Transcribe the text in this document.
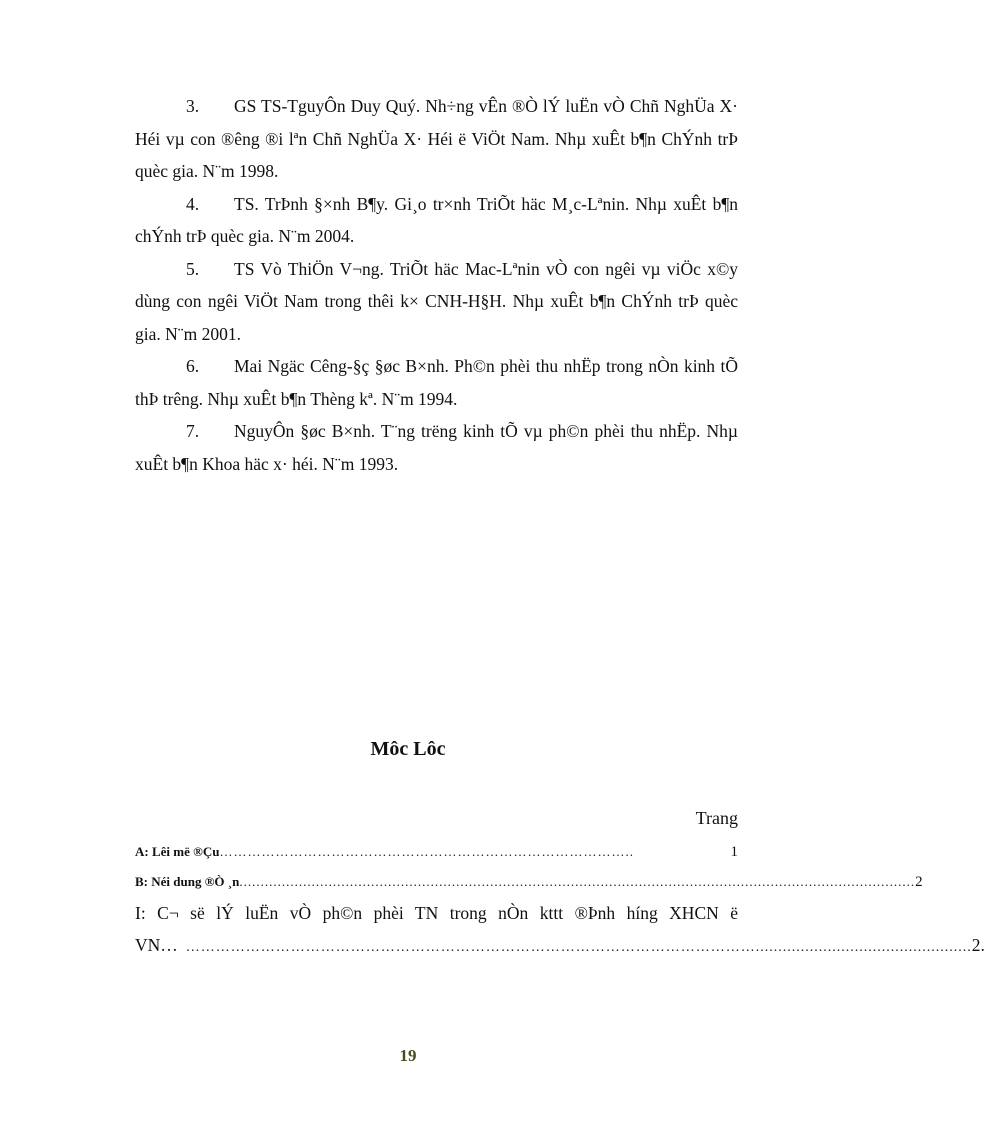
3. GS TS-TguyÔn Duy Quý. Nh÷ng vÊn ®Ò lÝ luËn vÒ Chñ NghÜa X· Héi vµ con ®êng ®i lªn Chñ NghÜa X· Héi ë ViÖt Nam. Nhµ xuÊt b¶n ChÝnh trÞ quèc gia. N¨m 1998.

4. TS. TrÞnh §×nh B¶y. Gi¸o tr×nh TriÕt häc M¸c-Lªnin. Nhµ xuÊt b¶n chÝnh trÞ quèc gia. N¨m 2004.

5. TS Vò ThiÖn V¬ng. TriÕt häc Mac-Lªnin vÒ con ngêi vµ viÖc x©y dùng con ngêi ViÖt Nam trong thêi k× CNH-H§H. Nhµ xuÊt b¶n ChÝnh trÞ quèc gia. N¨m 2001.

6. Mai Ngäc Cêng-§ç §øc B×nh. Ph©n phèi thu nhËp trong nÒn kinh tÕ thÞ trêng. Nhµ xuÊt b¶n Thèng kª. N¨m 1994.

7. NguyÔn §øc B×nh. T¨ng trëng kinh tÕ vµ ph©n phèi thu nhËp. Nhµ xuÊt b¶n Khoa häc x· héi. N¨m 1993.

Môc Lôc
Trang
A: Lêi më ®Çu ……………………………………………………………………………..	1
B: Néi dung ®Ò ¸n ............................................................................................................................................................... 2
I: C¬ së lÝ luËn vÒ ph©n phèi TN trong nÒn kttt ®Þnh híng XHCN ë
VN… ……………………………………………………………………………………………………................................................ 2.
19
